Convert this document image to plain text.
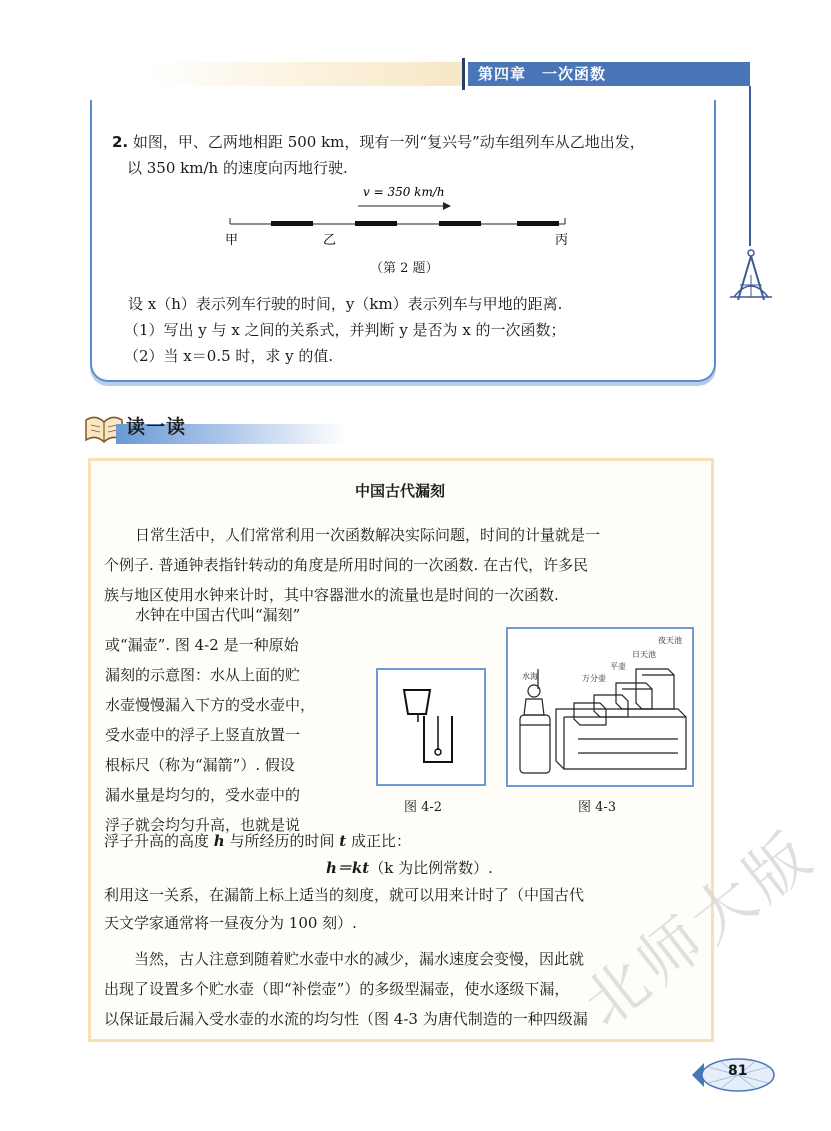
第四章　一次函数
2. 如图，甲、乙两地相距 500 km，现有一列“复兴号”动车组列车从乙地出发，
以 350 km/h 的速度向丙地行驶.
v = 350 km/h
甲	乙	丙
（第 2 题）
设 x（h）表示列车行驶的时间，y（km）表示列车与甲地的距离.
（1）写出 y 与 x 之间的关系式，并判断 y 是否为 x 的一次函数；
（2）当 x＝0.5 时，求 y 的值.
读一读
中国古代漏刻
日常生活中，人们常常利用一次函数解决实际问题，时间的计量就是一
个例子. 普通钟表指针转动的角度是所用时间的一次函数. 在古代，许多民
族与地区使用水钟来计时，其中容器泄水的流量也是时间的一次函数.
　　水钟在中国古代叫“漏刻”
或“漏壶”. 图 4-2 是一种原始
漏刻的示意图：水从上面的贮
水壶慢慢漏入下方的受水壶中，
受水壶中的浮子上竖直放置一
根标尺（称为“漏箭”）. 假设
漏水量是均匀的，受水壶中的
浮子就会均匀升高，也就是说
图 4-2
夜天池
日天池
平壶
万分壶
水海
图 4-3
浮子升高的高度 h 与所经历的时间 t 成正比：
h＝kt（k 为比例常数）.
利用这一关系，在漏箭上标上适当的刻度，就可以用来计时了（中国古代
天文学家通常将一昼夜分为 100 刻）.
　　当然，古人注意到随着贮水壶中水的减少，漏水速度会变慢，因此就
出现了设置多个贮水壶（即“补偿壶”）的多级型漏壶，使水逐级下漏，
以保证最后漏入受水壶的水流的均匀性（图 4-3 为唐代制造的一种四级漏
北师大版
81
